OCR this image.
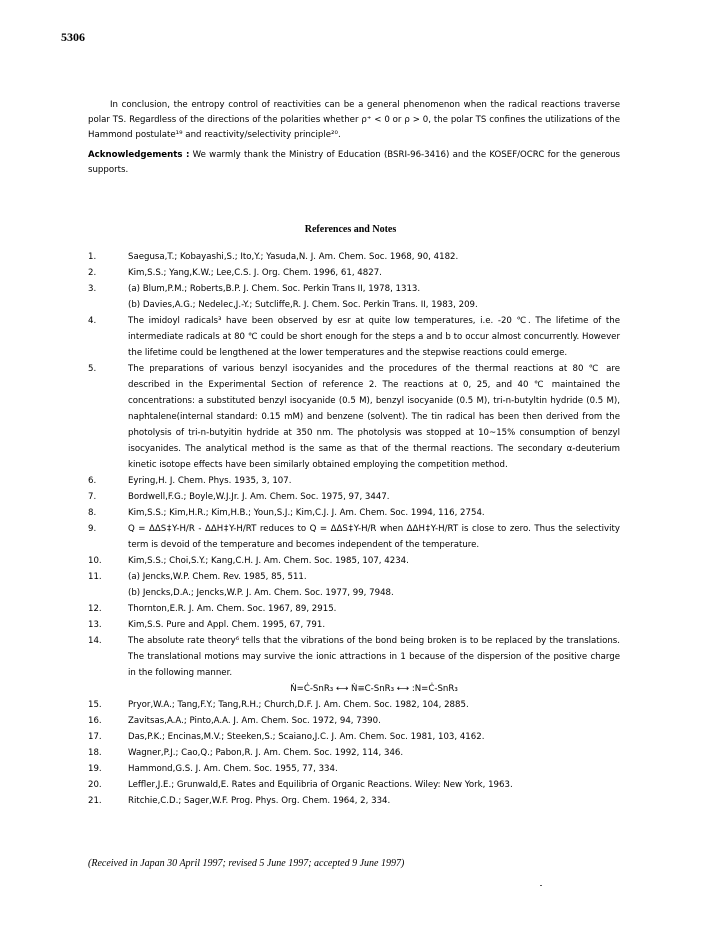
5306
In conclusion, the entropy control of reactivities can be a general phenomenon when the radical reactions traverse polar TS. Regardless of the directions of the polarities whether ρ⁺ < 0 or ρ > 0, the polar TS confines the utilizations of the Hammond postulate¹⁹ and reactivity/selectivity principle²⁰.
Acknowledgements : We warmly thank the Ministry of Education (BSRI-96-3416) and the KOSEF/OCRC for the generous supports.
References and Notes
1.	Saegusa,T.; Kobayashi,S.; Ito,Y.; Yasuda,N. J. Am. Chem. Soc. 1968, 90, 4182.
2.	Kim,S.S.; Yang,K.W.; Lee,C.S. J. Org. Chem. 1996, 61, 4827.
3.	(a) Blum,P.M.; Roberts,B.P. J. Chem. Soc. Perkin Trans II, 1978, 1313.
(b) Davies,A.G.; Nedelec,J.-Y.; Sutcliffe,R. J. Chem. Soc. Perkin Trans. II, 1983, 209.
4.	The imidoyl radicals³ have been observed by esr at quite low temperatures, i.e. -20 ℃. The lifetime of the intermediate radicals at 80 ℃ could be short enough for the steps a and b to occur almost concurrently. However the lifetime could be lengthened at the lower temperatures and the stepwise reactions could emerge.
5.	The preparations of various benzyl isocyanides and the procedures of the thermal reactions at 80 ℃ are described in the Experimental Section of reference 2. The reactions at 0, 25, and 40 ℃ maintained the concentrations: a substituted benzyl isocyanide (0.5 M), benzyl isocyanide (0.5 M), tri-n-butyltin hydride (0.5 M), naphtalene(internal standard: 0.15 mM) and benzene (solvent). The tin radical has been then derived from the photolysis of tri-n-butyitin hydride at 350 nm. The photolysis was stopped at 10~15% consumption of benzyl isocyanides. The analytical method is the same as that of the thermal reactions. The secondary α-deuterium kinetic isotope effects have been similarly obtained employing the competition method.
6.	Eyring,H. J. Chem. Phys. 1935, 3, 107.
7.	Bordwell,F.G.; Boyle,W.J.Jr. J. Am. Chem. Soc. 1975, 97, 3447.
8.	Kim,S.S.; Kim,H.R.; Kim,H.B.; Youn,S.J.; Kim,C.J. J. Am. Chem. Soc. 1994, 116, 2754.
9.	Q = ΔΔS‡Y-H/R - ΔΔH‡Y-H/RT reduces to Q = ΔΔS‡Y-H/R when ΔΔH‡Y-H/RT is close to zero. Thus the selectivity term is devoid of the temperature and becomes independent of the temperature.
10.	Kim,S.S.; Choi,S.Y.; Kang,C.H. J. Am. Chem. Soc. 1985, 107, 4234.
11.	(a) Jencks,W.P. Chem. Rev. 1985, 85, 511.
(b) Jencks,D.A.; Jencks,W.P. J. Am. Chem. Soc. 1977, 99, 7948.
12.	Thornton,E.R. J. Am. Chem. Soc. 1967, 89, 2915.
13.	Kim,S.S. Pure and Appl. Chem. 1995, 67, 791.
14.	The absolute rate theory⁶ tells that the vibrations of the bond being broken is to be replaced by the translations. The translational motions may survive the ionic attractions in 1 because of the dispersion of the positive charge in the following manner.
Ṅ=Ċ-SnR₃ ⟷ Ṅ≡C-SnR₃ ⟷ :N=Ċ-SnR₃
15.	Pryor,W.A.; Tang,F.Y.; Tang,R.H.; Church,D.F. J. Am. Chem. Soc. 1982, 104, 2885.
16.	Zavitsas,A.A.; Pinto,A.A. J. Am. Chem. Soc. 1972, 94, 7390.
17.	Das,P.K.; Encinas,M.V.; Steeken,S.; Scaiano,J.C. J. Am. Chem. Soc. 1981, 103, 4162.
18.	Wagner,P.J.; Cao,Q.; Pabon,R. J. Am. Chem. Soc. 1992, 114, 346.
19.	Hammond,G.S. J. Am. Chem. Soc. 1955, 77, 334.
20.	Leffler,J.E.; Grunwald,E. Rates and Equilibria of Organic Reactions. Wiley: New York, 1963.
21.	Ritchie,C.D.; Sager,W.F. Prog. Phys. Org. Chem. 1964, 2, 334.
(Received in Japan 30 April 1997; revised 5 June 1997; accepted 9 June 1997)
